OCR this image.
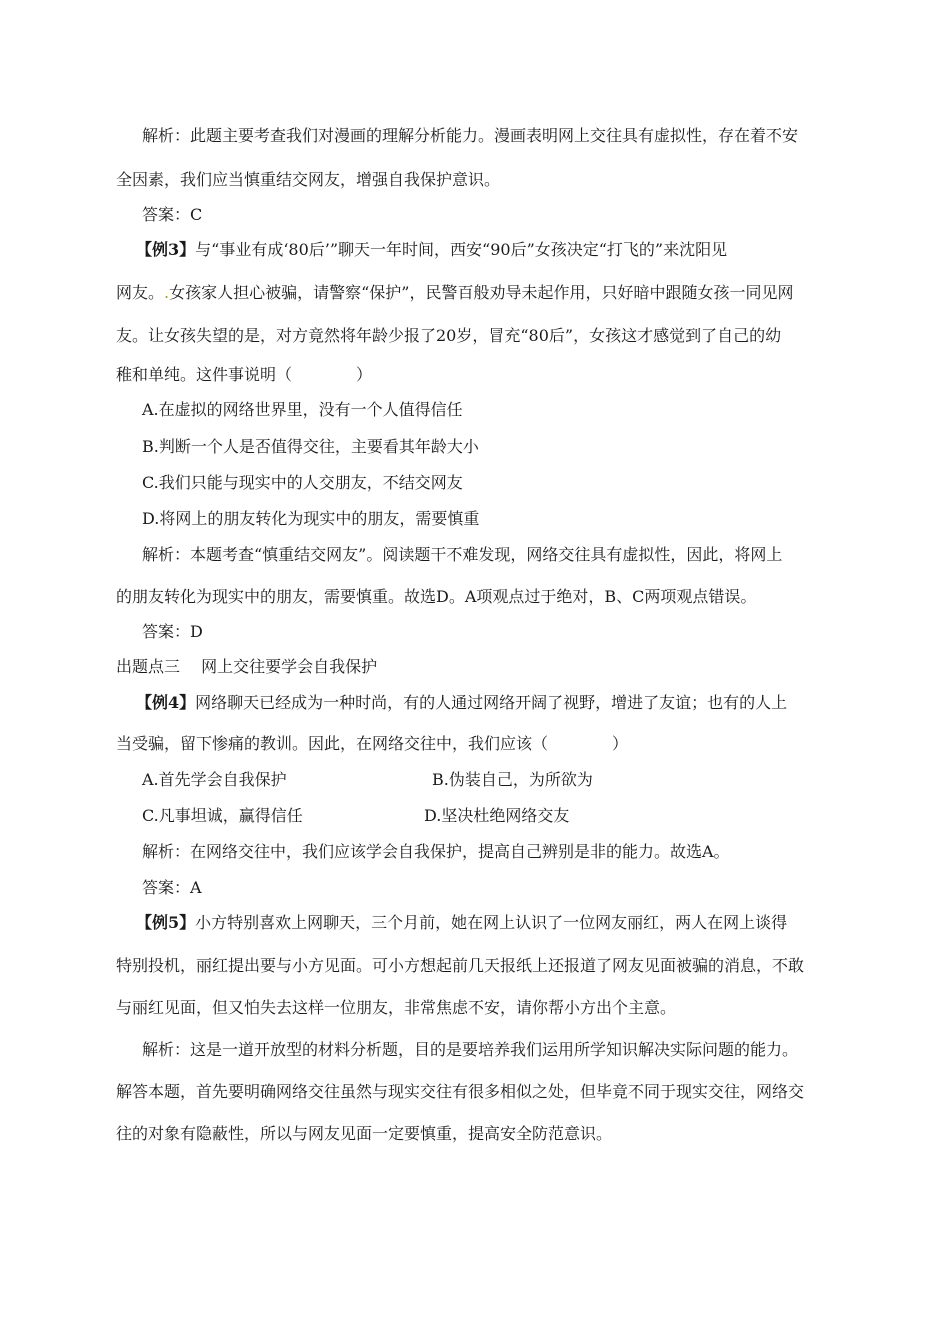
解析：此题主要考查我们对漫画的理解分析能力。漫画表明网上交往具有虚拟性，存在着不安
全因素，我们应当慎重结交网友，增强自我保护意识。
答案：C
【例3】与“事业有成‘80后’”聊天一年时间，西安“90后”女孩决定“打飞的”来沈阳见
网友。.女孩家人担心被骗，请警察“保护”，民警百般劝导未起作用，只好暗中跟随女孩一同见网
友。让女孩失望的是，对方竟然将年龄少报了20岁，冒充“80后”，女孩这才感觉到了自己的幼
稚和单纯。这件事说明（　　　　）
A.在虚拟的网络世界里，没有一个人值得信任
B.判断一个人是否值得交往，主要看其年龄大小
C.我们只能与现实中的人交朋友，不结交网友
D.将网上的朋友转化为现实中的朋友，需要慎重
解析：本题考查“慎重结交网友”。阅读题干不难发现，网络交往具有虚拟性，因此，将网上
的朋友转化为现实中的朋友，需要慎重。故选D。A项观点过于绝对，B、C两项观点错误。
答案：D
出题点三　 网上交往要学会自我保护
【例4】网络聊天已经成为一种时尚，有的人通过网络开阔了视野，增进了友谊；也有的人上
当受骗，留下惨痛的教训。因此，在网络交往中，我们应该（　　　　）
A.首先学会自我保护	B.伪装自己，为所欲为
C.凡事坦诚，赢得信任	D.坚决杜绝网络交友
解析：在网络交往中，我们应该学会自我保护，提高自己辨别是非的能力。故选A。
答案：A
【例5】小方特别喜欢上网聊天，三个月前，她在网上认识了一位网友丽红，两人在网上谈得
特别投机，丽红提出要与小方见面。可小方想起前几天报纸上还报道了网友见面被骗的消息，不敢
与丽红见面，但又怕失去这样一位朋友，非常焦虑不安，请你帮小方出个主意。
解析：这是一道开放型的材料分析题，目的是要培养我们运用所学知识解决实际问题的能力。
解答本题，首先要明确网络交往虽然与现实交往有很多相似之处，但毕竟不同于现实交往，网络交
往的对象有隐蔽性，所以与网友见面一定要慎重，提高安全防范意识。
